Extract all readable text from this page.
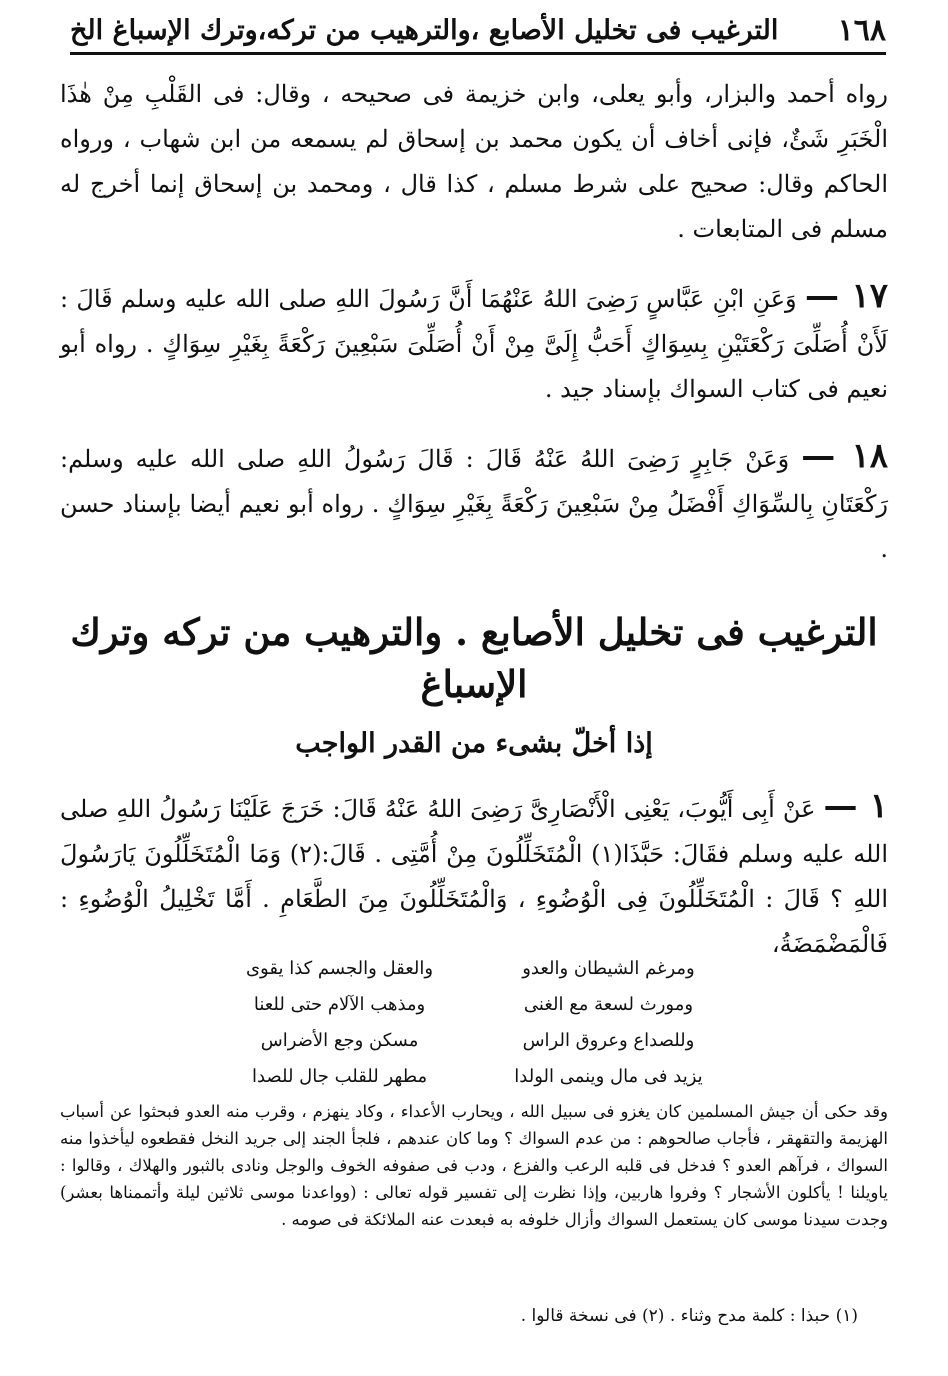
١٦٨
الترغيب فى تخليل الأصابع ،والترهيب من تركه،وترك الإسباغ الخ

رواه أحمد والبزار، وأبو يعلى، وابن خزيمة فى صحيحه ، وقال: فى القَلْبِ مِنْ هٰذَا الْخَبَرِ شَئٌ، فإنى أخاف أن يكون محمد بن إسحاق لم يسمعه من ابن شهاب ، ورواه الحاكم وقال: صحيح على شرط مسلم ، كذا قال ، ومحمد بن إسحاق إنما أخرج له مسلم فى المتابعات .

١٧ — وَعَنِ ابْنِ عَبَّاسٍ رَضِىَ اللهُ عَنْهُمَا أَنَّ رَسُولَ اللهِ صلى الله عليه وسلم قَالَ : لَأَنْ أُصَلِّىَ رَكْعَتَيْنِ بِسِوَاكٍ أَحَبُّ إِلَىَّ مِنْ أَنْ أُصَلِّىَ سَبْعِينَ رَكْعَةً بِغَيْرِ سِوَاكٍ . رواه أبو نعيم فى كتاب السواك بإسناد جيد .

١٨ — وَعَنْ جَابِرٍ رَضِىَ اللهُ عَنْهُ قَالَ : قَالَ رَسُولُ اللهِ صلى الله عليه وسلم: رَكْعَتَانِ بِالسِّوَاكِ أَفْضَلُ مِنْ سَبْعِينَ رَكْعَةً بِغَيْرِ سِوَاكٍ . رواه أبو نعيم أيضا بإسناد حسن .

الترغيب فى تخليل الأصابع . والترهيب من تركه وترك الإسباغ
إذا أخلّ بشىء من القدر الواجب

١ — عَنْ أَبِى أَيُّوبَ، يَعْنِى الْأَنْصَارِىَّ رَضِىَ اللهُ عَنْهُ قَالَ: خَرَجَ عَلَيْنَا رَسُولُ اللهِ صلى الله عليه وسلم فقَالَ: حَبَّذَا(١) الْمُتَخَلِّلُونَ مِنْ أُمَّتِى . قَالَ:(٢) وَمَا الْمُتَخَلِّلُونَ يَارَسُولَ اللهِ ؟ قَالَ : الْمُتَخَلِّلُونَ فِى الْوُضُوءِ ، وَالْمُتَخَلِّلُونَ مِنَ الطَّعَامِ . أَمَّا تَخْلِيلُ الْوُضُوءِ : فَالْمَضْمَضَةُ،

ومرغم الشيطان والعدو
والعقل والجسم كذا يقوى
ومورث لسعة مع الغنى
ومذهب الآلام حتى للعنا
وللصداع وعروق الراس
مسكن وجع الأضراس
يزيد فى مال وينمى الولدا
مطهر للقلب جال للصدا

وقد حكى أن جيش المسلمين كان يغزو فى سبيل الله ، ويحارب الأعداء ، وكاد ينهزم ، وقرب منه العدو فبحثوا عن أسباب الهزيمة والتقهقر ، فأجاب صالحوهم : من عدم السواك ؟ وما كان عندهم ، فلجأ الجند إلى جريد النخل فقطعوه ليأخذوا منه السواك ، فرآهم العدو ؟ فدخل فى قلبه الرعب والفزع ، ودب فى صفوفه الخوف والوجل ونادى بالثبور والهلاك ، وقالوا : ياويلنا ! يأكلون الأشجار ؟ وفروا هاربين، وإذا نظرت إلى تفسير قوله تعالى : (وواعدنا موسى ثلاثين ليلة وأتممناها بعشر) وجدت سيدنا موسى كان يستعمل السواك وأزال خلوفه به فبعدت عنه الملائكة فى صومه .

(١) حبذا : كلمة مدح وثناء . (٢) فى نسخة قالوا .
